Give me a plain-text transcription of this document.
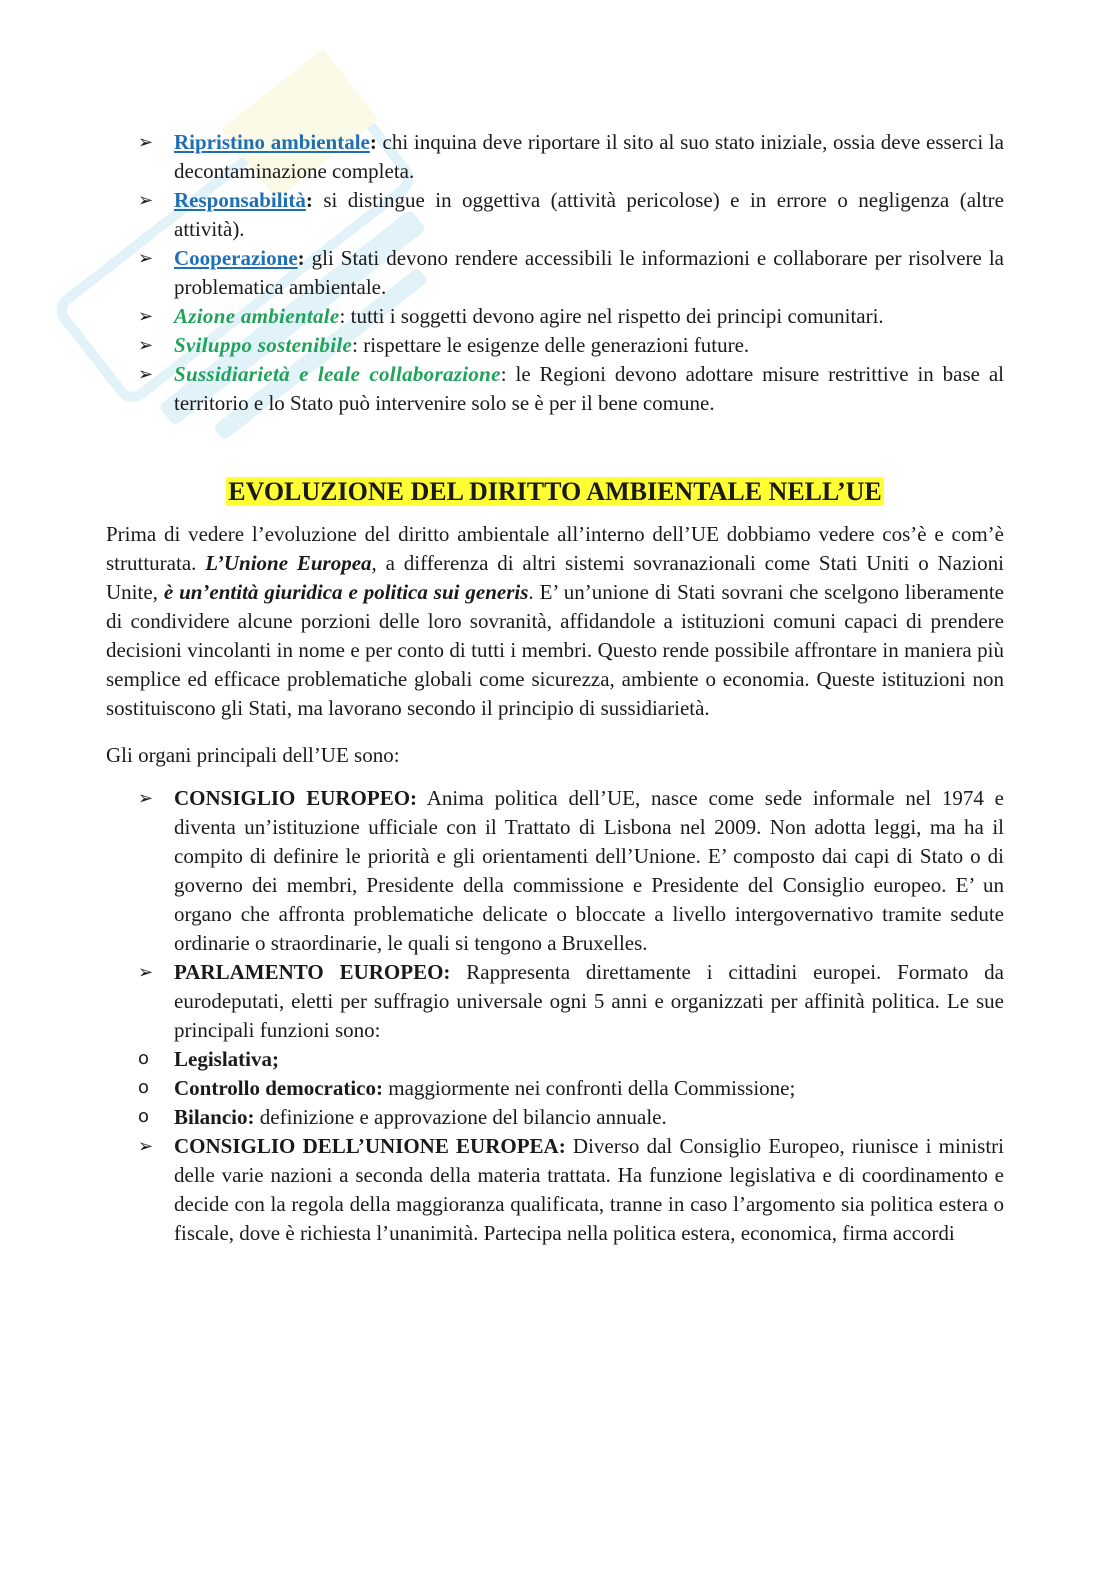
➢ Ripristino ambientale: chi inquina deve riportare il sito al suo stato iniziale, ossia deve esserci la decontaminazione completa.
➢ Responsabilità: si distingue in oggettiva (attività pericolose) e in errore o negligenza (altre attività).
➢ Cooperazione: gli Stati devono rendere accessibili le informazioni e collaborare per risolvere la problematica ambientale.
➢ Azione ambientale: tutti i soggetti devono agire nel rispetto dei principi comunitari.
➢ Sviluppo sostenibile: rispettare le esigenze delle generazioni future.
➢ Sussidiarietà e leale collaborazione: le Regioni devono adottare misure restrittive in base al territorio e lo Stato può intervenire solo se è per il bene comune.
EVOLUZIONE DEL DIRITTO AMBIENTALE NELL’UE

Prima di vedere l’evoluzione del diritto ambientale all’interno dell’UE dobbiamo vedere cos’è e com’è strutturata. L’Unione Europea, a differenza di altri sistemi sovranazionali come Stati Uniti o Nazioni Unite, è un’entità giuridica e politica sui generis. E’ un’unione di Stati sovrani che scelgono liberamente di condividere alcune porzioni delle loro sovranità, affidandole a istituzioni comuni capaci di prendere decisioni vincolanti in nome e per conto di tutti i membri. Questo rende possibile affrontare in maniera più semplice ed efficace problematiche globali come sicurezza, ambiente o economia. Queste istituzioni non sostituiscono gli Stati, ma lavorano secondo il principio di sussidiarietà.

Gli organi principali dell’UE sono:

➢ CONSIGLIO EUROPEO: Anima politica dell’UE, nasce come sede informale nel 1974 e diventa un’istituzione ufficiale con il Trattato di Lisbona nel 2009. Non adotta leggi, ma ha il compito di definire le priorità e gli orientamenti dell’Unione. E’ composto dai capi di Stato o di governo dei membri, Presidente della commissione e Presidente del Consiglio europeo. E’ un organo che affronta problematiche delicate o bloccate a livello intergovernativo tramite sedute ordinarie o straordinarie, le quali si tengono a Bruxelles.
➢ PARLAMENTO EUROPEO: Rappresenta direttamente i cittadini europei. Formato da eurodeputati, eletti per suffragio universale ogni 5 anni e organizzati per affinità politica. Le sue principali funzioni sono:
o Legislativa;
o Controllo democratico: maggiormente nei confronti della Commissione;
o Bilancio: definizione e approvazione del bilancio annuale.
➢ CONSIGLIO DELL’UNIONE EUROPEA: Diverso dal Consiglio Europeo, riunisce i ministri delle varie nazioni a seconda della materia trattata. Ha funzione legislativa e di coordinamento e decide con la regola della maggioranza qualificata, tranne in caso l’argomento sia politica estera o fiscale, dove è richiesta l’unanimità. Partecipa nella politica estera, economica, firma accordi
